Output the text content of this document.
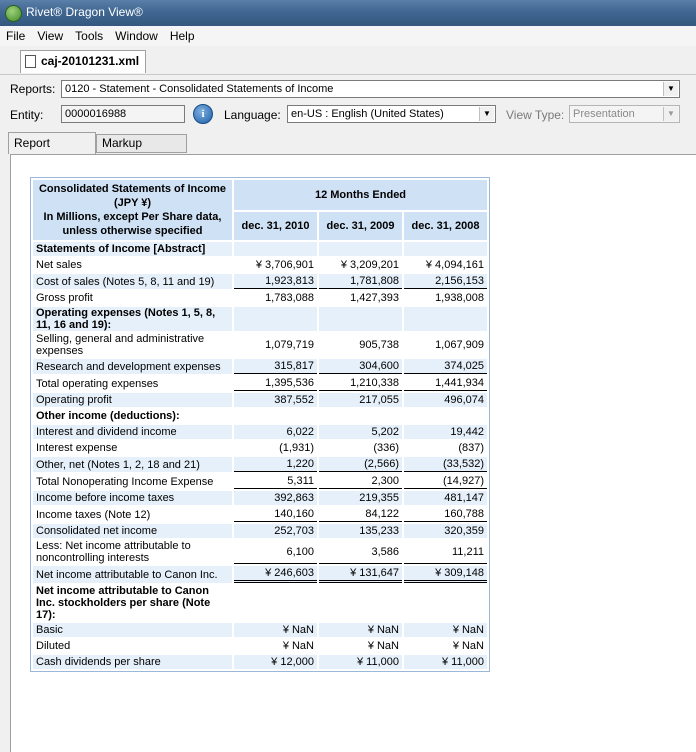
Rivet® Dragon View®
File View Tools Window Help
caj-20101231.xml
Reports: 0120 - Statement - Consolidated Statements of Income	▼
Entity:	0000016988	i	Language: en-US : English (United States)	▼ View Type: Presentation	▼
Report	Markup
Consolidated Statements of Income (JPY ¥)
In Millions, except Per Share data, unless otherwise specified	12 Months Ended		
	dec. 31, 2010	dec. 31, 2009	dec. 31, 2008
Statements of Income [Abstract]			
Net sales	¥ 3,706,901	¥ 3,209,201	¥ 4,094,161
Cost of sales (Notes 5, 8, 11 and 19)	1,923,813	1,781,808	2,156,153
Gross profit	1,783,088	1,427,393	1,938,008
Operating expenses (Notes 1, 5, 8, 11, 16 and 19):			
Selling, general and administrative expenses	1,079,719	905,738	1,067,909
Research and development expenses	315,817	304,600	374,025
Total operating expenses	1,395,536	1,210,338	1,441,934
Operating profit	387,552	217,055	496,074
Other income (deductions):			
Interest and dividend income	6,022	5,202	19,442
Interest expense	(1,931)	(336)	(837)
Other, net (Notes 1, 2, 18 and 21)	1,220	(2,566)	(33,532)
Total Nonoperating Income Expense	5,311	2,300	(14,927)
Income before income taxes	392,863	219,355	481,147
Income taxes (Note 12)	140,160	84,122	160,788
Consolidated net income	252,703	135,233	320,359
Less: Net income attributable to noncontrolling interests	6,100	3,586	11,211
Net income attributable to Canon Inc.	¥ 246,603	¥ 131,647	¥ 309,148
Net income attributable to Canon Inc. stockholders per share (Note 17):			
Basic	¥ NaN	¥ NaN	¥ NaN
Diluted	¥ NaN	¥ NaN	¥ NaN
Cash dividends per share	¥ 12,000	¥ 11,000	¥ 11,000
